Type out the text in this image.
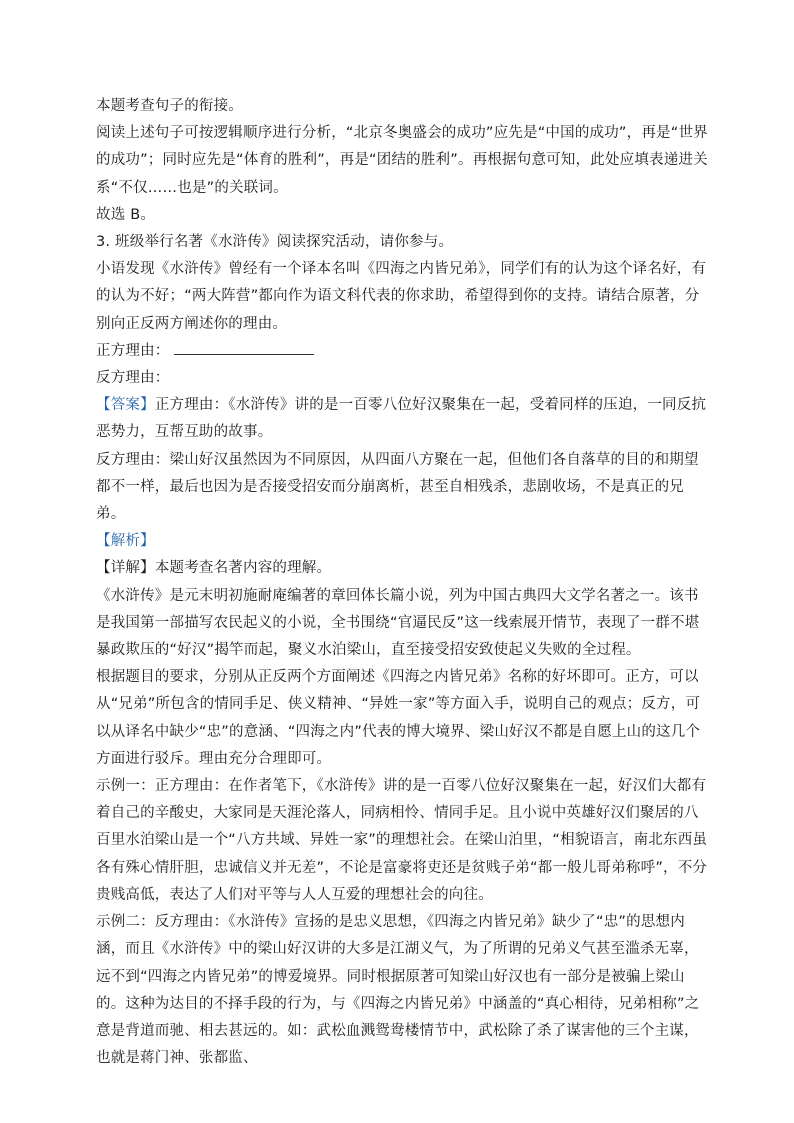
本题考查句子的衔接。

阅读上述句子可按逻辑顺序进行分析，“北京冬奥盛会的成功”应先是“中国的成功”，再是“世界的成功”；同时应先是“体育的胜利”，再是“团结的胜利”。再根据句意可知，此处应填表递进关系“不仅……也是”的关联词。

故选 B。

3. 班级举行名著《水浒传》阅读探究活动，请你参与。

小语发现《水浒传》曾经有一个译本名叫《四海之内皆兄弟》，同学们有的认为这个译名好，有的认为不好；“两大阵营”都向作为语文科代表的你求助，希望得到你的支持。请结合原著，分别向正反两方阐述你的理由。

正方理由：

反方理由：

【答案】正方理由：《水浒传》讲的是一百零八位好汉聚集在一起，受着同样的压迫，一同反抗恶势力，互帮互助的故事。

反方理由：梁山好汉虽然因为不同原因，从四面八方聚在一起，但他们各自落草的目的和期望都不一样，最后也因为是否接受招安而分崩离析，甚至自相残杀，悲剧收场，不是真正的兄弟。

【解析】

【详解】本题考查名著内容的理解。

《水浒传》是元末明初施耐庵编著的章回体长篇小说，列为中国古典四大文学名著之一。该书是我国第一部描写农民起义的小说，全书围绕“官逼民反”这一线索展开情节，表现了一群不堪暴政欺压的“好汉”揭竿而起，聚义水泊梁山，直至接受招安致使起义失败的全过程。

根据题目的要求，分别从正反两个方面阐述《四海之内皆兄弟》名称的好坏即可。正方，可以从“兄弟”所包含的情同手足、侠义精神、“异姓一家”等方面入手，说明自己的观点；反方，可以从译名中缺少“忠”的意涵、“四海之内”代表的博大境界、梁山好汉不都是自愿上山的这几个方面进行驳斥。理由充分合理即可。

示例一：正方理由：在作者笔下，《水浒传》讲的是一百零八位好汉聚集在一起，好汉们大都有着自己的辛酸史，大家同是天涯沦落人，同病相怜、情同手足。且小说中英雄好汉们聚居的八百里水泊梁山是一个“八方共域、异姓一家”的理想社会。在梁山泊里，“相貌语言，南北东西虽各有殊心情肝胆，忠诚信义并无差”，不论是富豪将吏还是贫贱子弟“都一般儿哥弟称呼”，不分贵贱高低，表达了人们对平等与人人互爱的理想社会的向往。

示例二：反方理由：《水浒传》宣扬的是忠义思想，《四海之内皆兄弟》缺少了“忠”的思想内涵，而且《水浒传》中的梁山好汉讲的大多是江湖义气，为了所谓的兄弟义气甚至滥杀无辜，远不到“四海之内皆兄弟”的博爱境界。同时根据原著可知梁山好汉也有一部分是被骗上梁山的。这种为达目的不择手段的行为，与《四海之内皆兄弟》中涵盖的“真心相待，兄弟相称”之意是背道而驰、相去甚远的。如：武松血溅鸳鸯楼情节中，武松除了杀了谋害他的三个主谋，也就是蒋门神、张都监、
